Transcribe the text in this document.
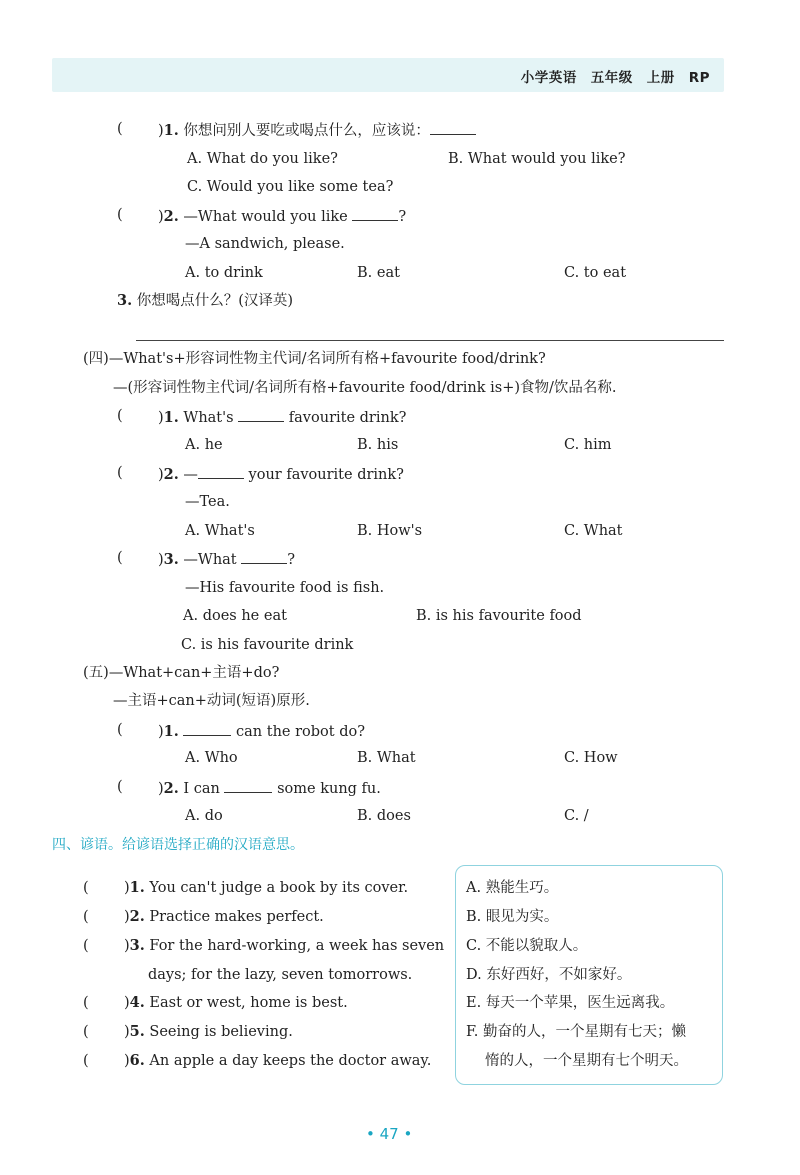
小学英语 五年级 上册 RP
( )1. 你想问别人要吃或喝点什么，应该说：
A. What do you like?	B. What would you like?
C. Would you like some tea?
( )2. —What would you like	?
—A sandwich, please.
A. to drink	B. eat	C. to eat
3. 你想喝点什么？(汉译英)
(四)—What's+形容词性物主代词/名词所有格+favourite food/drink?
—(形容词性物主代词/名词所有格+favourite food/drink is+)食物/饮品名称.
( )1. What's	favourite drink?
A. he	B. his	C. him
( )2. —	your favourite drink?
—Tea.
A. What's	B. How's	C. What
( )3. —What	?
—His favourite food is fish.
A. does he eat	B. is his favourite food
C. is his favourite drink
(五)—What+can+主语+do?
—主语+can+动词(短语)原形.
( )1.	can the robot do?
A. Who	B. What	C. How
( )2. I can	some kung fu.
A. do	B. does	C. /
四、谚语。给谚语选择正确的汉语意思。
( )1. You can't judge a book by its cover.
( )2. Practice makes perfect.
( )3. For the hard-working, a week has seven
days; for the lazy, seven tomorrows.
( )4. East or west, home is best.
( )5. Seeing is believing.
( )6. An apple a day keeps the doctor away.
A. 熟能生巧。
B. 眼见为实。
C. 不能以貌取人。
D. 东好西好，不如家好。
E. 每天一个苹果，医生远离我。
F. 勤奋的人，一个星期有七天；懒
惰的人，一个星期有七个明天。
• 47 •
